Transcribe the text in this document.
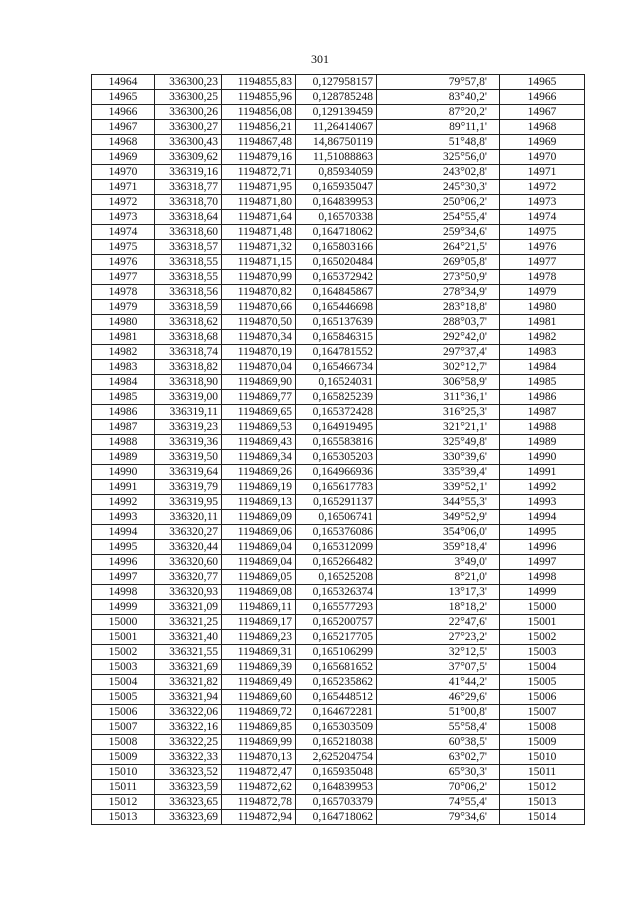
301
14964	336300,23	1194855,83	0,127958157	79°57,8'	14965
14965	336300,25	1194855,96	0,128785248	83°40,2'	14966
14966	336300,26	1194856,08	0,129139459	87°20,2'	14967
14967	336300,27	1194856,21	11,26414067	89°11,1'	14968
14968	336300,43	1194867,48	14,86750119	51°48,8'	14969
14969	336309,62	1194879,16	11,51088863	325°56,0'	14970
14970	336319,16	1194872,71	0,85934059	243°02,8'	14971
14971	336318,77	1194871,95	0,165935047	245°30,3'	14972
14972	336318,70	1194871,80	0,164839953	250°06,2'	14973
14973	336318,64	1194871,64	0,16570338	254°55,4'	14974
14974	336318,60	1194871,48	0,164718062	259°34,6'	14975
14975	336318,57	1194871,32	0,165803166	264°21,5'	14976
14976	336318,55	1194871,15	0,165020484	269°05,8'	14977
14977	336318,55	1194870,99	0,165372942	273°50,9'	14978
14978	336318,56	1194870,82	0,164845867	278°34,9'	14979
14979	336318,59	1194870,66	0,165446698	283°18,8'	14980
14980	336318,62	1194870,50	0,165137639	288°03,7'	14981
14981	336318,68	1194870,34	0,165846315	292°42,0'	14982
14982	336318,74	1194870,19	0,164781552	297°37,4'	14983
14983	336318,82	1194870,04	0,165466734	302°12,7'	14984
14984	336318,90	1194869,90	0,16524031	306°58,9'	14985
14985	336319,00	1194869,77	0,165825239	311°36,1'	14986
14986	336319,11	1194869,65	0,165372428	316°25,3'	14987
14987	336319,23	1194869,53	0,164919495	321°21,1'	14988
14988	336319,36	1194869,43	0,165583816	325°49,8'	14989
14989	336319,50	1194869,34	0,165305203	330°39,6'	14990
14990	336319,64	1194869,26	0,164966936	335°39,4'	14991
14991	336319,79	1194869,19	0,165617783	339°52,1'	14992
14992	336319,95	1194869,13	0,165291137	344°55,3'	14993
14993	336320,11	1194869,09	0,16506741	349°52,9'	14994
14994	336320,27	1194869,06	0,165376086	354°06,0'	14995
14995	336320,44	1194869,04	0,165312099	359°18,4'	14996
14996	336320,60	1194869,04	0,165266482	3°49,0'	14997
14997	336320,77	1194869,05	0,16525208	8°21,0'	14998
14998	336320,93	1194869,08	0,165326374	13°17,3'	14999
14999	336321,09	1194869,11	0,165577293	18°18,2'	15000
15000	336321,25	1194869,17	0,165200757	22°47,6'	15001
15001	336321,40	1194869,23	0,165217705	27°23,2'	15002
15002	336321,55	1194869,31	0,165106299	32°12,5'	15003
15003	336321,69	1194869,39	0,165681652	37°07,5'	15004
15004	336321,82	1194869,49	0,165235862	41°44,2'	15005
15005	336321,94	1194869,60	0,165448512	46°29,6'	15006
15006	336322,06	1194869,72	0,164672281	51°00,8'	15007
15007	336322,16	1194869,85	0,165303509	55°58,4'	15008
15008	336322,25	1194869,99	0,165218038	60°38,5'	15009
15009	336322,33	1194870,13	2,625204754	63°02,7'	15010
15010	336323,52	1194872,47	0,165935048	65°30,3'	15011
15011	336323,59	1194872,62	0,164839953	70°06,2'	15012
15012	336323,65	1194872,78	0,165703379	74°55,4'	15013
15013	336323,69	1194872,94	0,164718062	79°34,6'	15014
